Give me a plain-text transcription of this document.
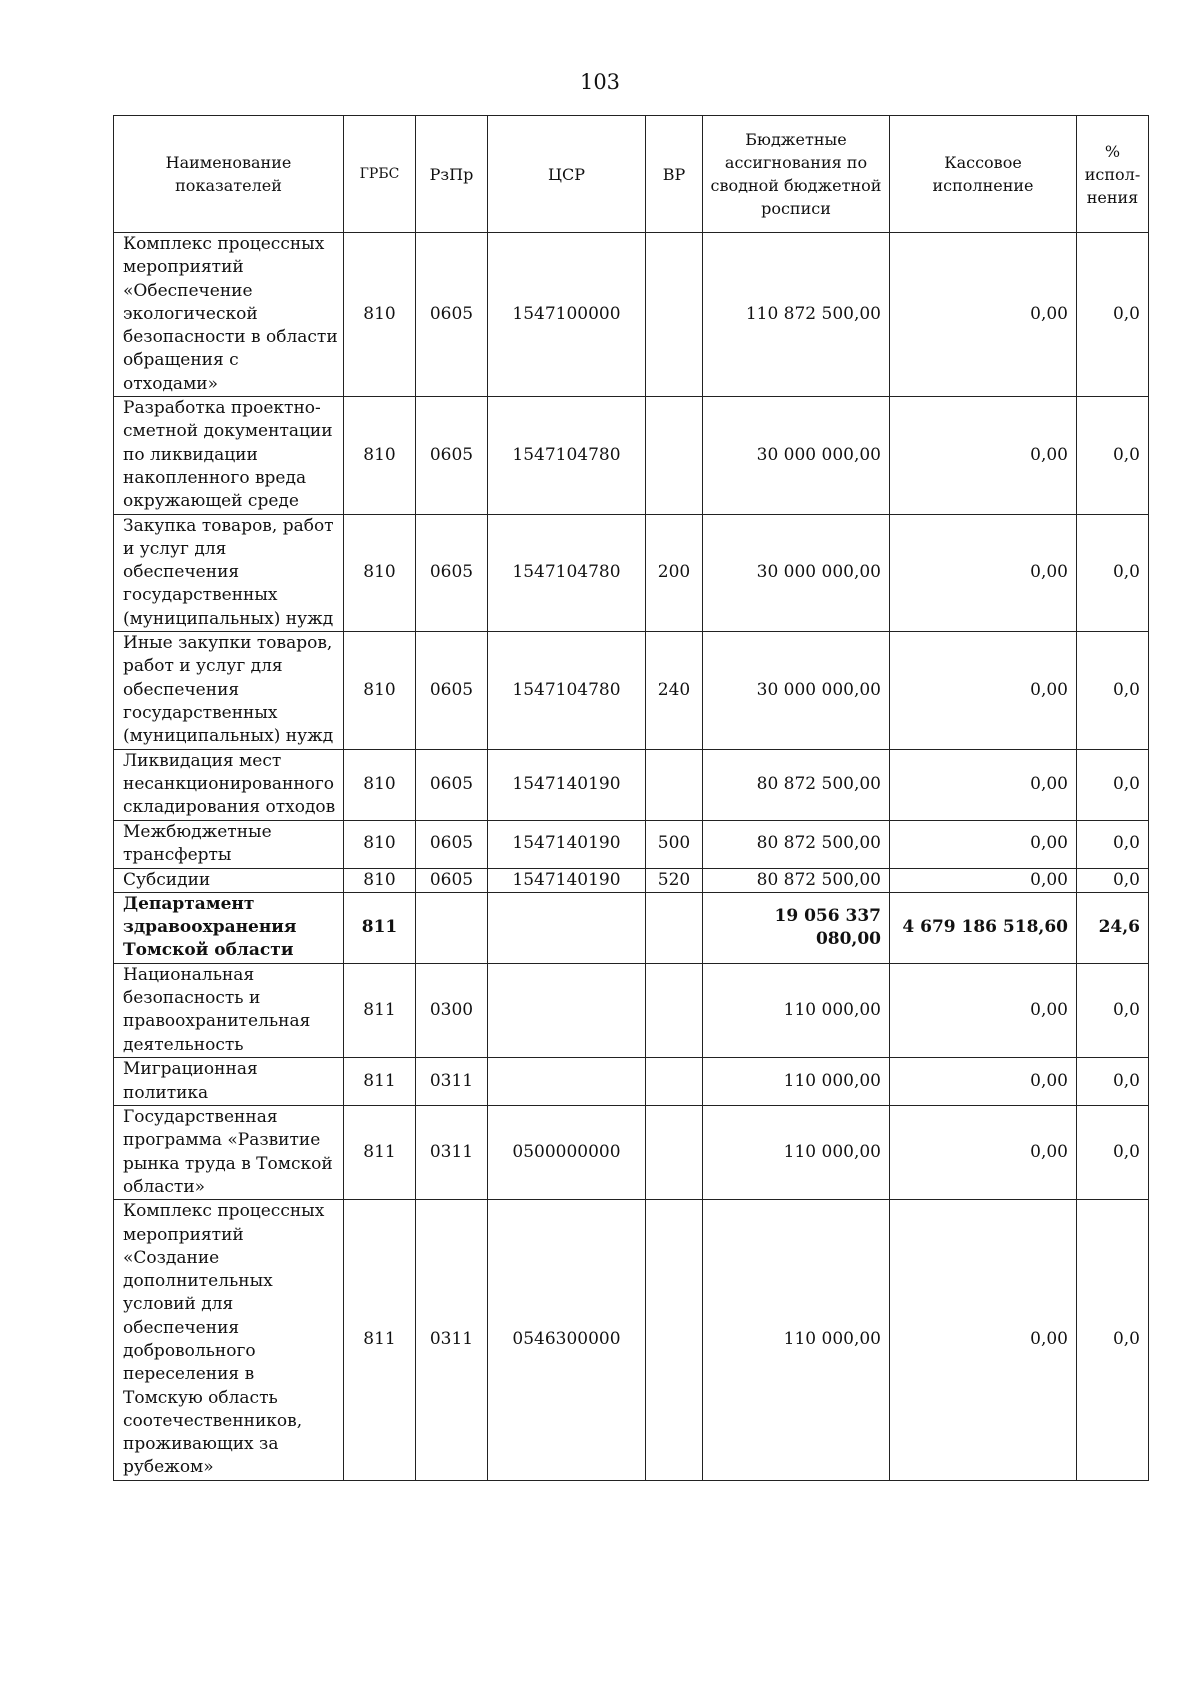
103
Наименование показателей	ГРБС	РзПр	ЦСР	ВР	Бюджетные ассигнования по сводной бюджетной росписи	Кассовое исполнение	% испол-нения
Комплекс процессных мероприятий «Обеспечение экологической безопасности в области обращения с отходами»	810	0605	1547100000		110 872 500,00	0,00	0,0
Разработка проектно-сметной документации по ликвидации накопленного вреда окружающей среде	810	0605	1547104780		30 000 000,00	0,00	0,0
Закупка товаров, работ и услуг для обеспечения государственных (муниципальных) нужд	810	0605	1547104780	200	30 000 000,00	0,00	0,0
Иные закупки товаров, работ и услуг для обеспечения государственных (муниципальных) нужд	810	0605	1547104780	240	30 000 000,00	0,00	0,0
Ликвидация мест несанкционированного складирования отходов	810	0605	1547140190		80 872 500,00	0,00	0,0
Межбюджетные трансферты	810	0605	1547140190	500	80 872 500,00	0,00	0,0
Субсидии	810	0605	1547140190	520	80 872 500,00	0,00	0,0
Департамент здравоохранения Томской области	811				19 056 337 080,00	4 679 186 518,60	24,6
Национальная безопасность и правоохранительная деятельность	811	0300			110 000,00	0,00	0,0
Миграционная политика	811	0311			110 000,00	0,00	0,0
Государственная программа «Развитие рынка труда в Томской области»	811	0311	0500000000		110 000,00	0,00	0,0
Комплекс процессных мероприятий «Создание дополнительных условий для обеспечения добровольного переселения в Томскую область соотечественников, проживающих за рубежом»	811	0311	0546300000		110 000,00	0,00	0,0
